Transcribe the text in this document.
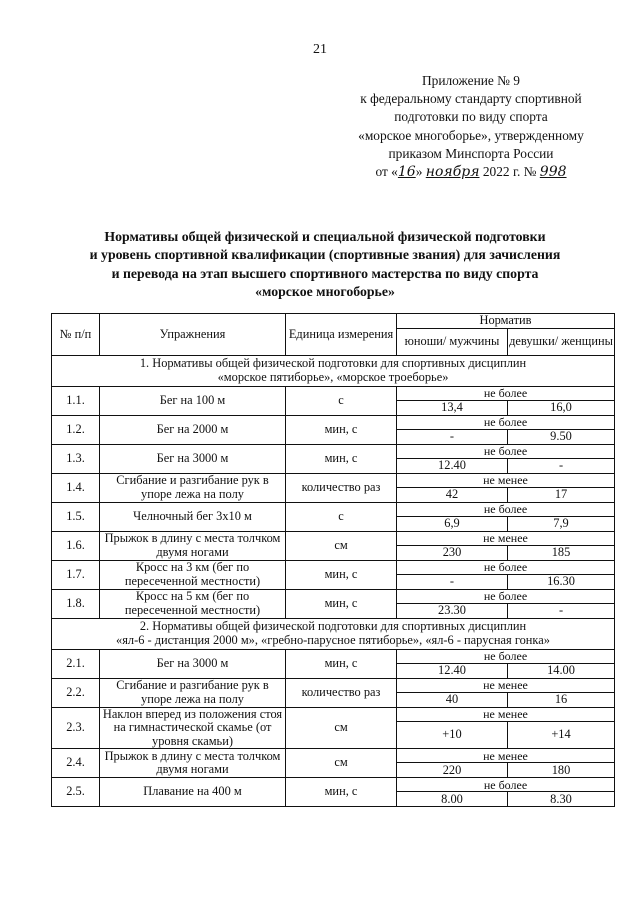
21
Приложение № 9
к федеральному стандарту спортивной
подготовки по виду спорта
«морское многоборье», утвержденному
приказом Минспорта России
от «16» ноября 2022 г. № 998
Нормативы общей физической и специальной физической подготовки
и уровень спортивной квалификации (спортивные звания) для зачисления
и перевода на этап высшего спортивного мастерства по виду спорта
«морское многоборье»
№ п/п	Упражнения	Единица измерения	Норматив	
			юноши/ мужчины	девушки/ женщины

1. Нормативы общей физической подготовки для спортивных дисциплин
«морское пятиборье», «морское троеборье»				

1.1.	Бег на 100 м	с	не более	
			13,4	16,0
1.2.	Бег на 2000 м	мин, с	не более	
			-	9.50
1.3.	Бег на 3000 м	мин, с	не более	
			12.40	-
1.4.	Сгибание и разгибание рук в упоре лежа на полу	количество раз	не менее	
			42	17
1.5.	Челночный бег 3х10 м	с	не более	
			6,9	7,9
1.6.	Прыжок в длину с места толчком двумя ногами	см	не менее	
			230	185
1.7.	Кросс на 3 км (бег по пересеченной местности)	мин, с	не более	
			-	16.30
1.8.	Кросс на 5 км (бег по пересеченной местности)	мин, с	не более	
			23.30	-

2. Нормативы общей физической подготовки для спортивных дисциплин
«ял-6 - дистанция 2000 м», «гребно-парусное пятиборье», «ял-6 - парусная гонка»				

2.1.	Бег на 3000 м	мин, с	не более	
			12.40	14.00
2.2.	Сгибание и разгибание рук в упоре лежа на полу	количество раз	не менее	
			40	16
2.3.	Наклон вперед из положения стоя на гимнастической скамье (от уровня скамьи)	см	не менее	
			+10	+14
2.4.	Прыжок в длину с места толчком двумя ногами	см	не менее	
			220	180
2.5.	Плавание на 400 м	мин, с	не более	
			8.00	8.30
